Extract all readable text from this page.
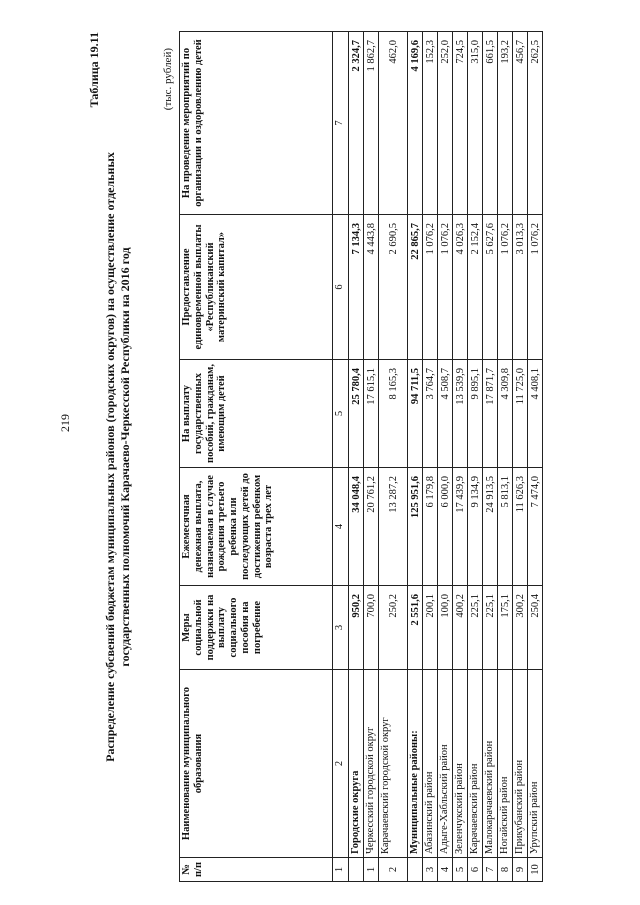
219
Таблица 19.11
Распределение субсвений бюджетам муниципальных районов (городских округов) на осуществление отдельных государственных полномочий Карачаево-Черкесской Республики на 2016 год
(тыс. рублей)
№ п/п	Наименование муниципального образования	Меры социальной поддержки на выплату социального пособия на погребение	Ежемесячная денежная выплата, назначаемая в случае рождения третьего ребенка или последующих детей до достижения ребенком возраста трех лет	На выплату государственных пособий, гражданам, имеющим детей	Предоставление единовременной выплаты «Республиканский материнский капитал»	На проведение мероприятий по организации и оздоровлению детей
1	2	3	4	5	6	7
	Городские округа	950,2	34 048,4	25 780,4	7 134,3	2 324,7
1	Черкесский городской округ	700,0	20 761,2	17 615,1	4 443,8	1 862,7
2	Карачаевский городской округ	250,2	13 287,2	8 165,3	2 690,5	462,0
	Муниципальные районы:	2 551,6	125 951,6	94 711,5	22 865,7	4 169,6
3	Абазинский район	200,1	6 179,8	3 764,7	1 076,2	152,3
4	Адыге-Хабльский район	100,0	6 000,0	4 508,7	1 076,2	252,0
5	Зеленчукский район	400,2	17 439,9	13 539,9	4 026,3	724,5
6	Карачаевский район	225,1	9 134,9	9 895,1	2 152,4	315,0
7	Малокарачаевский район	225,1	24 913,5	17 871,7	5 627,6	661,5
8	Ногайский район	175,1	5 813,1	4 309,8	1 076,2	193,2
9	Прикубанский район	300,2	11 626,3	11 725,0	3 013,3	456,7
10	Урупский район	250,4	7 474,0	4 408,1	1 076,2	262,5
